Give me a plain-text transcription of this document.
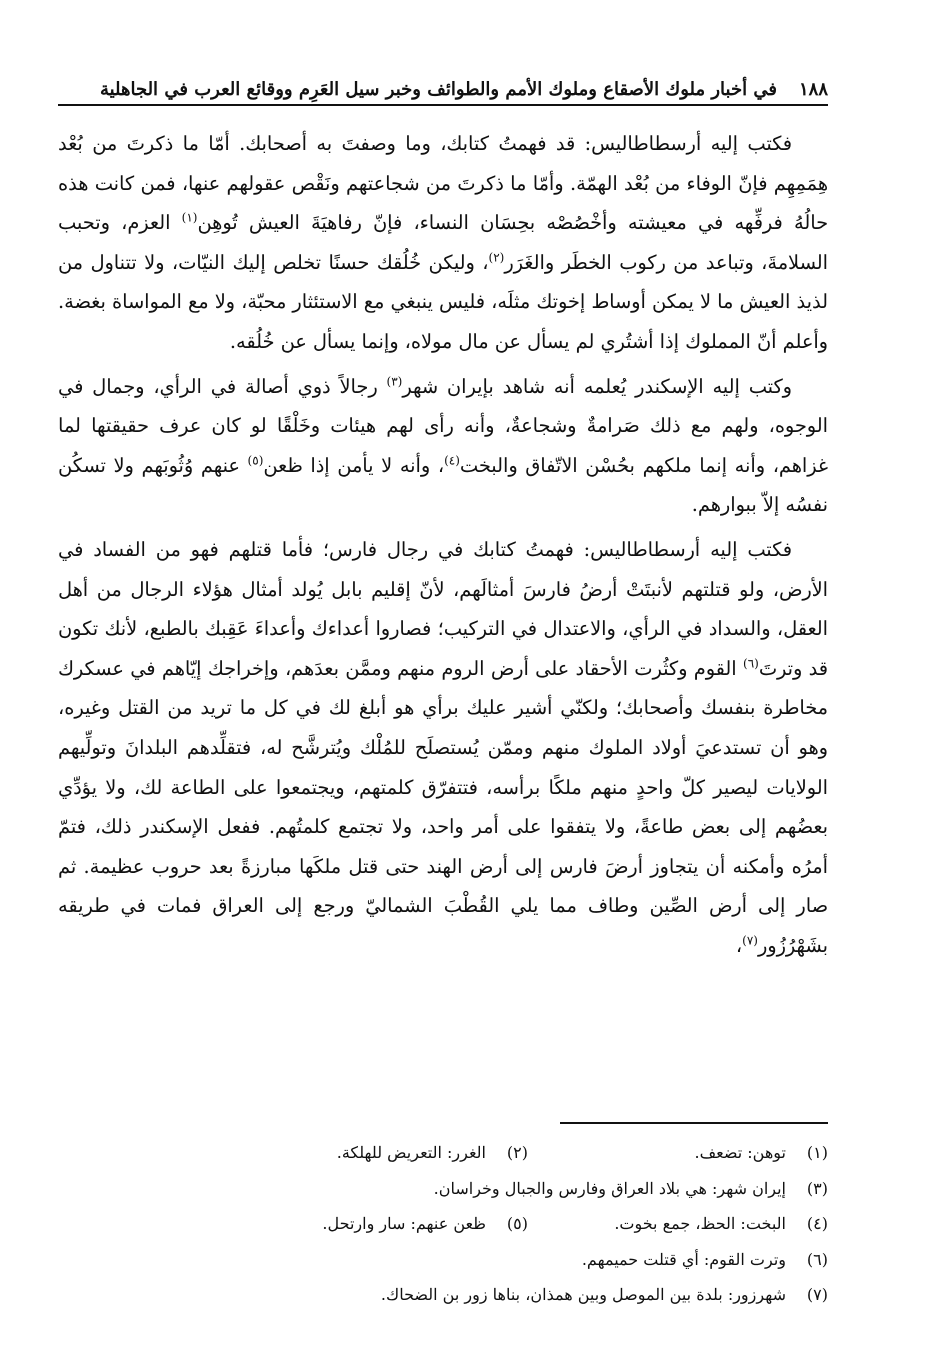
١٨٨
في أخبار ملوك الأصقاع وملوك الأمم والطوائف وخبر سيل العَرِم ووقائع العرب في الجاهلية

فكتب إليه أرسطاطاليس: قد فهمتُ كتابك، وما وصفتَ به أصحابك. أمّا ما ذكرتَ من بُعْد هِمَمِهِم فإنّ الوفاء من بُعْد الهمّة. وأمّا ما ذكرتَ من شجاعتهم ونَقْص عقولهم عنها، فمن كانت هذه حالُهُ فرفِّهه في معيشته وأخْصُصْه بحِسَان النساء، فإنّ رفاهيَةَ العيش تُوهِن$^{(١)}$ العزم، وتحبب السلامةَ، وتباعد من ركوب الخطَر والغَرَر$^{(٢)}$، وليكن خُلُقك حسنًا تخلص إليك النيّات، ولا تتناول من لذيذ العيش ما لا يمكن أوساط إخوتك مثلَه، فليس ينبغي مع الاستئثار محبّة، ولا مع المواساة بغضة. وأعلم أنّ المملوك إذا أشتُري لم يسأل عن مال مولاه، وإنما يسأل عن خُلُقه.

وكتب إليه الإسكندر يُعلمه أنه شاهد بإيران شهر$^{(٣)}$ رجالاً ذوي أصالة في الرأي، وجمال في الوجوه، ولهم مع ذلك صَرامةٌ وشجاعةٌ، وأنه رأى لهم هيئات وخَلْقًا لو كان عرف حقيقتها لما غزاهم، وأنه إنما ملكهم بحُسْن الاتّفاق والبخت$^{(٤)}$، وأنه لا يأمن إذا ظعن$^{(٥)}$ عنهم وُثُوبَهم ولا تسكُن نفسُه إلاّ ببوارهم.

فكتب إليه أرسطاطاليس: فهمتُ كتابك في رجال فارس؛ فأما قتلهم فهو من الفساد في الأرض، ولو قتلتهم لأنبتَتْ أرضُ فارسَ أمثالَهم، لأنّ إقليم بابل يُولد أمثال هؤلاء الرجال من أهل العقل، والسداد في الرأي، والاعتدال في التركيب؛ فصاروا أعداءك وأعداءَ عَقِبك بالطبع، لأنك تكون قد وترتَ$^{(٦)}$ القوم وكثُرت الأحقاد على أرض الروم منهم وممَّن بعدَهم، وإخراجك إيّاهم في عسكرك مخاطرة بنفسك وأصحابك؛ ولكنّي أشير عليك برأي هو أبلغ لك في كل ما تريد من القتل وغيره، وهو أن تستدعيَ أولاد الملوك منهم وممّن يُستصلَح للمُلْك ويُترشَّح له، فتقلِّدهم البلدانَ وتولِّيهم الولايات ليصير كلّ واحدٍ منهم ملكًا برأسه، فتتفرّق كلمتهم، ويجتمعوا على الطاعة لك، ولا يؤدِّي بعضُهم إلى بعض طاعةً، ولا يتفقوا على أمر واحد، ولا تجتمع كلمتُهم. ففعل الإسكندر ذلك، فتمّ أمرُه وأمكنه أن يتجاوز أرضَ فارس إلى أرض الهند حتى قتل ملكَها مبارزةً بعد حروب عظيمة. ثم صار إلى أرض الصِّين وطاف مما يلي القُطْبَ الشماليّ ورجع إلى العراق فمات في طريقه بشَهْرُزُور$^{(٧)}$،

(١)توهن: تضعف.
(٢)الغرر: التعريض للهلكة.
(٣)إيران شهر: هي بلاد العراق وفارس والجبال وخراسان.
(٤)البخت: الحظ، جمع بخوت.
(٥)ظعن عنهم: سار وارتحل.
(٦)وترت القوم: أي قتلت حميمهم.
(٧)شهرزور: بلدة بين الموصل وبين همذان، بناها زور بن الضحاك.
